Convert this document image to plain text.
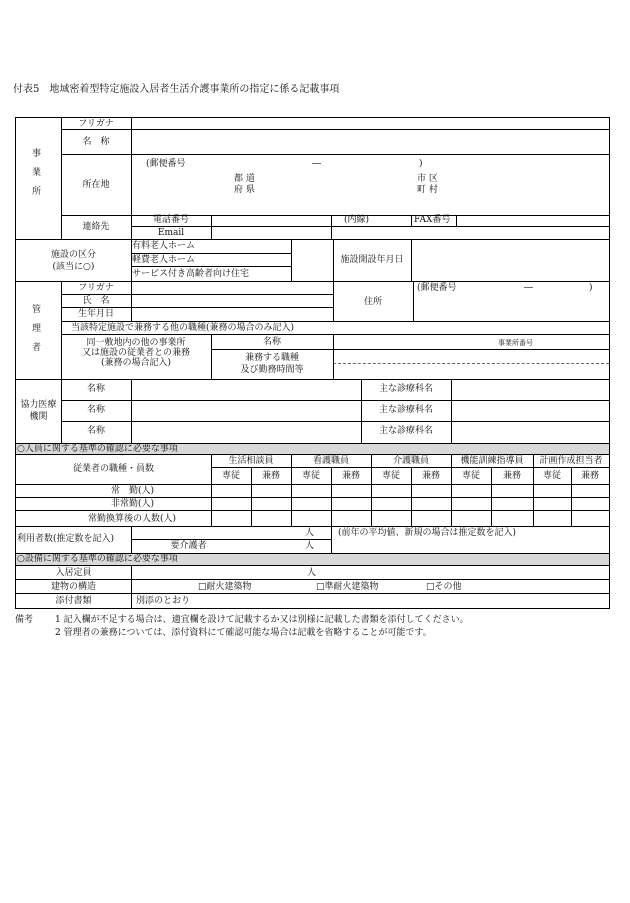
付表5　地域密着型特定施設入居者生活介護事業所の指定に係る記載事項
事業所
フリガナ
名　称
所在地
(郵便番号	―	)
都 道
府 県
市 区
町 村
連絡先
電話番号	(内線)	FAX番号
Email
施設の区分
(該当に○)
有料老人ホーム
軽費老人ホーム
サービス付き高齢者向け住宅
施設開設年月日
管理者
フリガナ
氏　名
生年月日
住所
(郵便番号	―	)
当該特定施設で兼務する他の職種(兼務の場合のみ記入)
同一敷地内の他の事業所
又は施設の従業者との兼務
(兼務の場合記入)
名称	事業所番号
兼務する職種
及び勤務時間等
協力医療
機関
名称	主な診療科名
名称	主な診療科名
名称	主な診療科名
○人員に関する基準の確認に必要な事項
従業者の職種・員数
生活相談員	看護職員	介護職員	機能訓練指導員	計画作成担当者
専従	兼務	専従	兼務	専従	兼務	専従	兼務	専従	兼務
常　勤(人)
非常勤(人)
常勤換算後の人数(人)
利用者数(推定数を記入)
人	(前年の平均値、新規の場合は推定数を記入)
要介護者	人
○設備に関する基準の確認に必要な事項
入居定員	人
建物の構造	□耐火建築物	□準耐火建築物	□その他
添付書類	別添のとおり
備考 1 記入欄が不足する場合は、適宜欄を設けて記載するか又は別様に記載した書類を添付してください。
2 管理者の兼務については、添付資料にて確認可能な場合は記載を省略することが可能です。
